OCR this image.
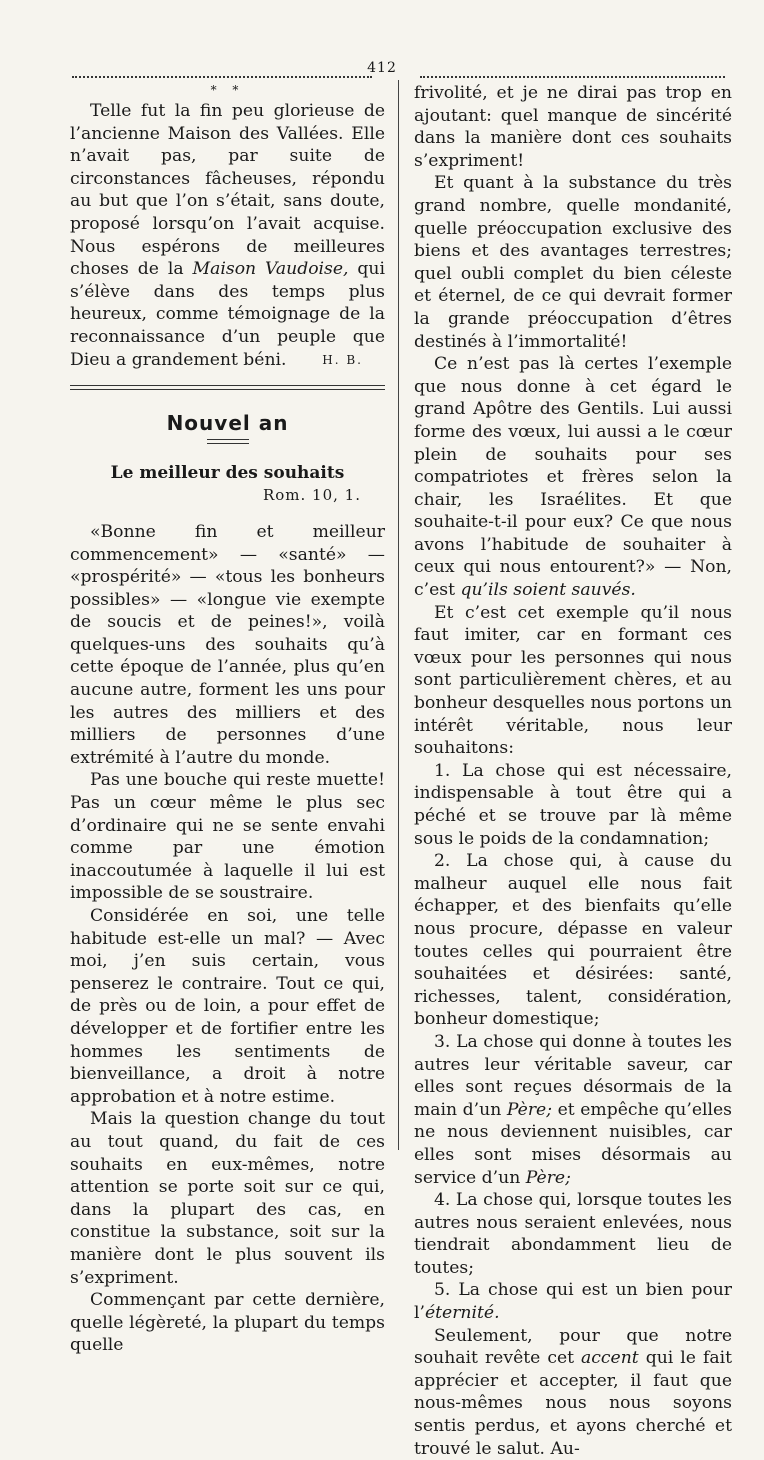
412
* *

Telle fut la fin peu glorieuse de l’ancienne Maison des Vallées. Elle n’avait pas, par suite de circonstances fâcheuses, répondu au but que l’on s’était, sans doute, proposé lorsqu’on l’avait acquise. Nous espérons de meilleures choses de la Maison Vaudoise, qui s’élève dans des temps plus heureux, comme témoignage de la reconnaissance d’un peuple que Dieu a grandement béni.	H. B.

Nouvel an
Le meilleur des souhaits
Rom. 10, 1.

«Bonne fin et meilleur commencement» — «santé» — «prospérité» — «tous les bonheurs possibles» — «longue vie exempte de soucis et de peines!», voilà quelques-uns des souhaits qu’à cette époque de l’année, plus qu’en aucune autre, forment les uns pour les autres des milliers et des milliers de personnes d’une extrémité à l’autre du monde.

Pas une bouche qui reste muette! Pas un cœur même le plus sec d’ordinaire qui ne se sente envahi comme par une émotion inaccoutumée à laquelle il lui est impossible de se soustraire.

Considérée en soi, une telle habitude est-elle un mal? — Avec moi, j’en suis certain, vous penserez le contraire. Tout ce qui, de près ou de loin, a pour effet de développer et de fortifier entre les hommes les sentiments de bienveillance, a droit à notre approbation et à notre estime.

Mais la question change du tout au tout quand, du fait de ces souhaits en eux-mêmes, notre attention se porte soit sur ce qui, dans la plupart des cas, en constitue la substance, soit sur la manière dont le plus souvent ils s’expriment.

Commençant par cette dernière, quelle légèreté, la plupart du temps quelle

frivolité, et je ne dirai pas trop en ajoutant: quel manque de sincérité dans la manière dont ces souhaits s’expriment!

Et quant à la substance du très grand nombre, quelle mondanité, quelle préoccupation exclusive des biens et des avantages terrestres; quel oubli complet du bien céleste et éternel, de ce qui devrait former la grande préoccupation d’êtres destinés à l’immortalité!

Ce n’est pas là certes l’exemple que nous donne à cet égard le grand Apôtre des Gentils. Lui aussi forme des vœux, lui aussi a le cœur plein de souhaits pour ses compatriotes et frères selon la chair, les Israélites. Et que souhaite-t-il pour eux? Ce que nous avons l’habitude de souhaiter à ceux qui nous entourent?» — Non, c’est qu’ils soient sauvés.

Et c’est cet exemple qu’il nous faut imiter, car en formant ces vœux pour les personnes qui nous sont particulièrement chères, et au bonheur desquelles nous portons un intérêt véritable, nous leur souhaitons:

1. La chose qui est nécessaire, indispensable à tout être qui a péché et se trouve par là même sous le poids de la condamnation;

2. La chose qui, à cause du malheur auquel elle nous fait échapper, et des bienfaits qu’elle nous procure, dépasse en valeur toutes celles qui pourraient être souhaitées et désirées: santé, richesses, talent, considération, bonheur domestique;

3. La chose qui donne à toutes les autres leur véritable saveur, car elles sont reçues désormais de la main d’un Père; et empêche qu’elles ne nous deviennent nuisibles, car elles sont mises désormais au service d’un Père;

4. La chose qui, lorsque toutes les autres nous seraient enlevées, nous tiendrait abondamment lieu de toutes;

5. La chose qui est un bien pour l’éternité.

Seulement, pour que notre souhait revête cet accent qui le fait apprécier et accepter, il faut que nous-mêmes nous nous soyons sentis perdus, et ayons cherché et trouvé le salut. Au-
